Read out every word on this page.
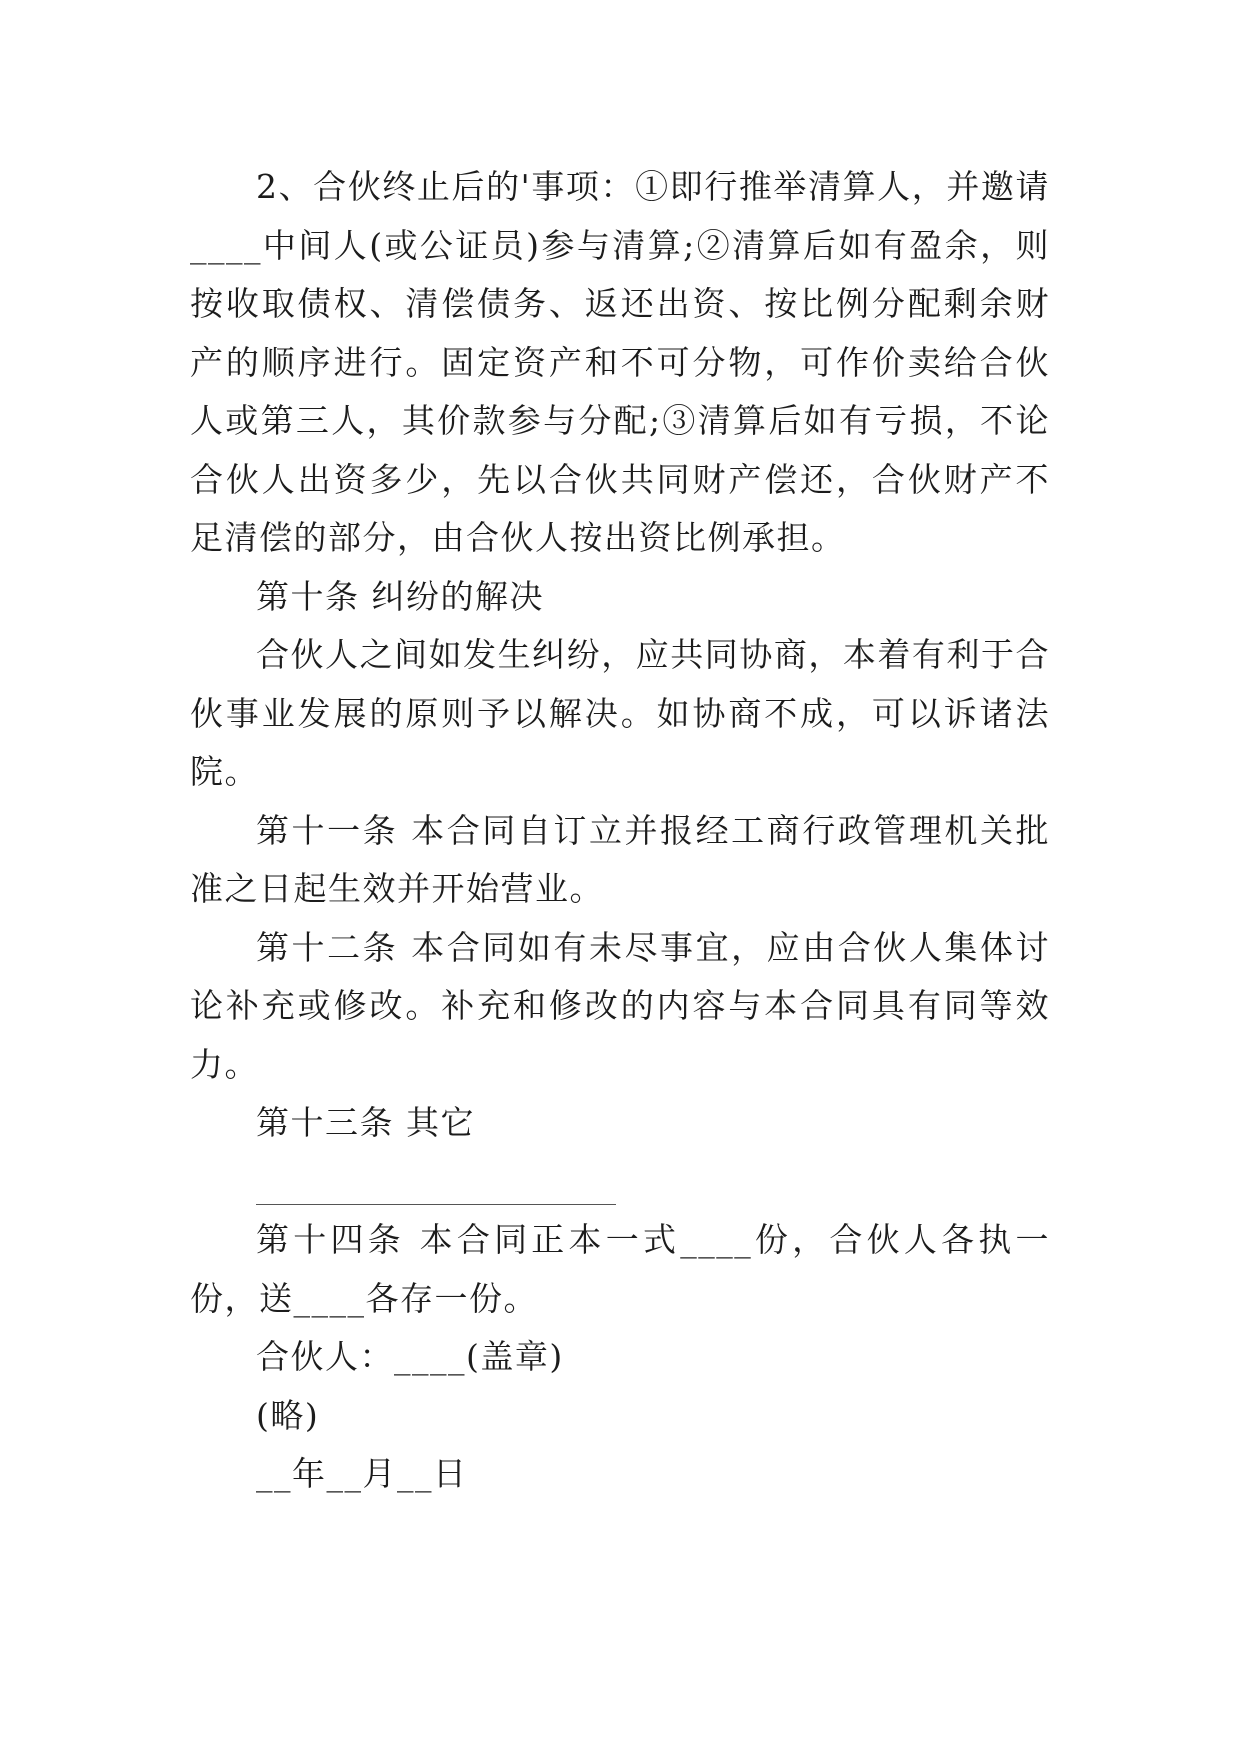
2、合伙终止后的'事项：①即行推举清算人，并邀请____中间人(或公证员)参与清算;②清算后如有盈余，则按收取债权、清偿债务、返还出资、按比例分配剩余财产的顺序进行。固定资产和不可分物，可作价卖给合伙人或第三人，其价款参与分配;③清算后如有亏损，不论合伙人出资多少，先以合伙共同财产偿还，合伙财产不足清偿的部分，由合伙人按出资比例承担。

第十条 纠纷的解决

合伙人之间如发生纠纷，应共同协商，本着有利于合伙事业发展的原则予以解决。如协商不成，可以诉诸法院。

第十一条 本合同自订立并报经工商行政管理机关批准之日起生效并开始营业。

第十二条 本合同如有未尽事宜，应由合伙人集体讨论补充或修改。补充和修改的内容与本合同具有同等效力。

第十三条 其它

第十四条 本合同正本一式____份，合伙人各执一份，送____各存一份。

合伙人：____(盖章)

(略)

__年__月__日
